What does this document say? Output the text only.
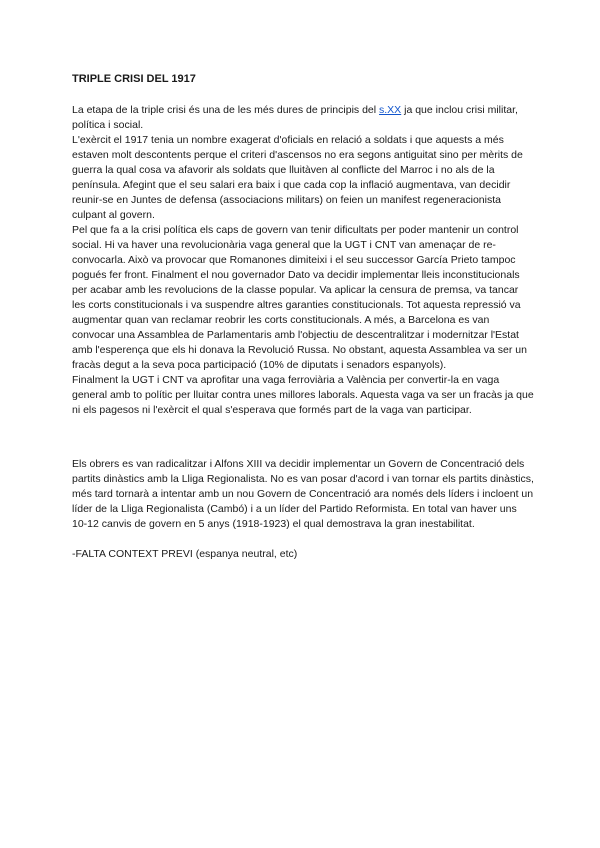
TRIPLE CRISI DEL 1917

La etapa de la triple crisi és una de les més dures de principis del s.XX ja que inclou crisi militar, política i social.

L'exèrcit el 1917 tenia un nombre exagerat d'oficials en relació a soldats i que aquests a més estaven molt descontents perque el criteri d'ascensos no era segons antiguitat sino per mèrits de guerra la qual cosa va afavorir als soldats que lluitàven al conflicte del Marroc i no als de la península. Afegint que el seu salari era baix i que cada cop la inflació augmentava, van decidir reunir-se en Juntes de defensa (associacions militars) on feien un manifest regeneracionista culpant al govern.

Pel que fa a la crisi política els caps de govern van tenir dificultats per poder mantenir un control social. Hi va haver una revolucionària vaga general que la UGT i CNT van amenaçar de re-convocarla. Això va provocar que Romanones dimiteixi i el seu successor García Prieto tampoc pogués fer front. Finalment el nou governador Dato va decidir implementar lleis inconstitucionals per acabar amb les revolucions de la classe popular. Va aplicar la censura de premsa, va tancar les corts constitucionals i va suspendre altres garanties constitucionals. Tot aquesta repressió va augmentar quan van reclamar reobrir les corts constitucionals. A més, a Barcelona es van convocar una Assamblea de Parlamentaris amb l'objectiu de descentralitzar i modernitzar l'Estat amb l'esperença que els hi donava la Revolució Russa. No obstant, aquesta Assamblea va ser un fracàs degut a la seva poca participació (10% de diputats i senadors espanyols).

Finalment la UGT i CNT va aprofitar una vaga ferroviària a València per convertir-la en vaga general amb to polític per lluitar contra unes millores laborals. Aquesta vaga va ser un fracàs ja que ni els pagesos ni l'exèrcit el qual s'esperava que formés part de la vaga van participar.

Els obrers es van radicalitzar i Alfons XIII va decidir implementar un Govern de Concentració dels partits dinàstics amb la Lliga Regionalista. No es van posar d'acord i van tornar els partits dinàstics, més tard tornarà a intentar amb un nou Govern de Concentració ara només dels líders i incloent un líder de la Lliga Regionalista (Cambó) i a un líder del Partido Reformista. En total van haver uns 10-12 canvis de govern en 5 anys (1918-1923) el qual demostrava la gran inestabilitat.

-FALTA CONTEXT PREVI (espanya neutral, etc)
